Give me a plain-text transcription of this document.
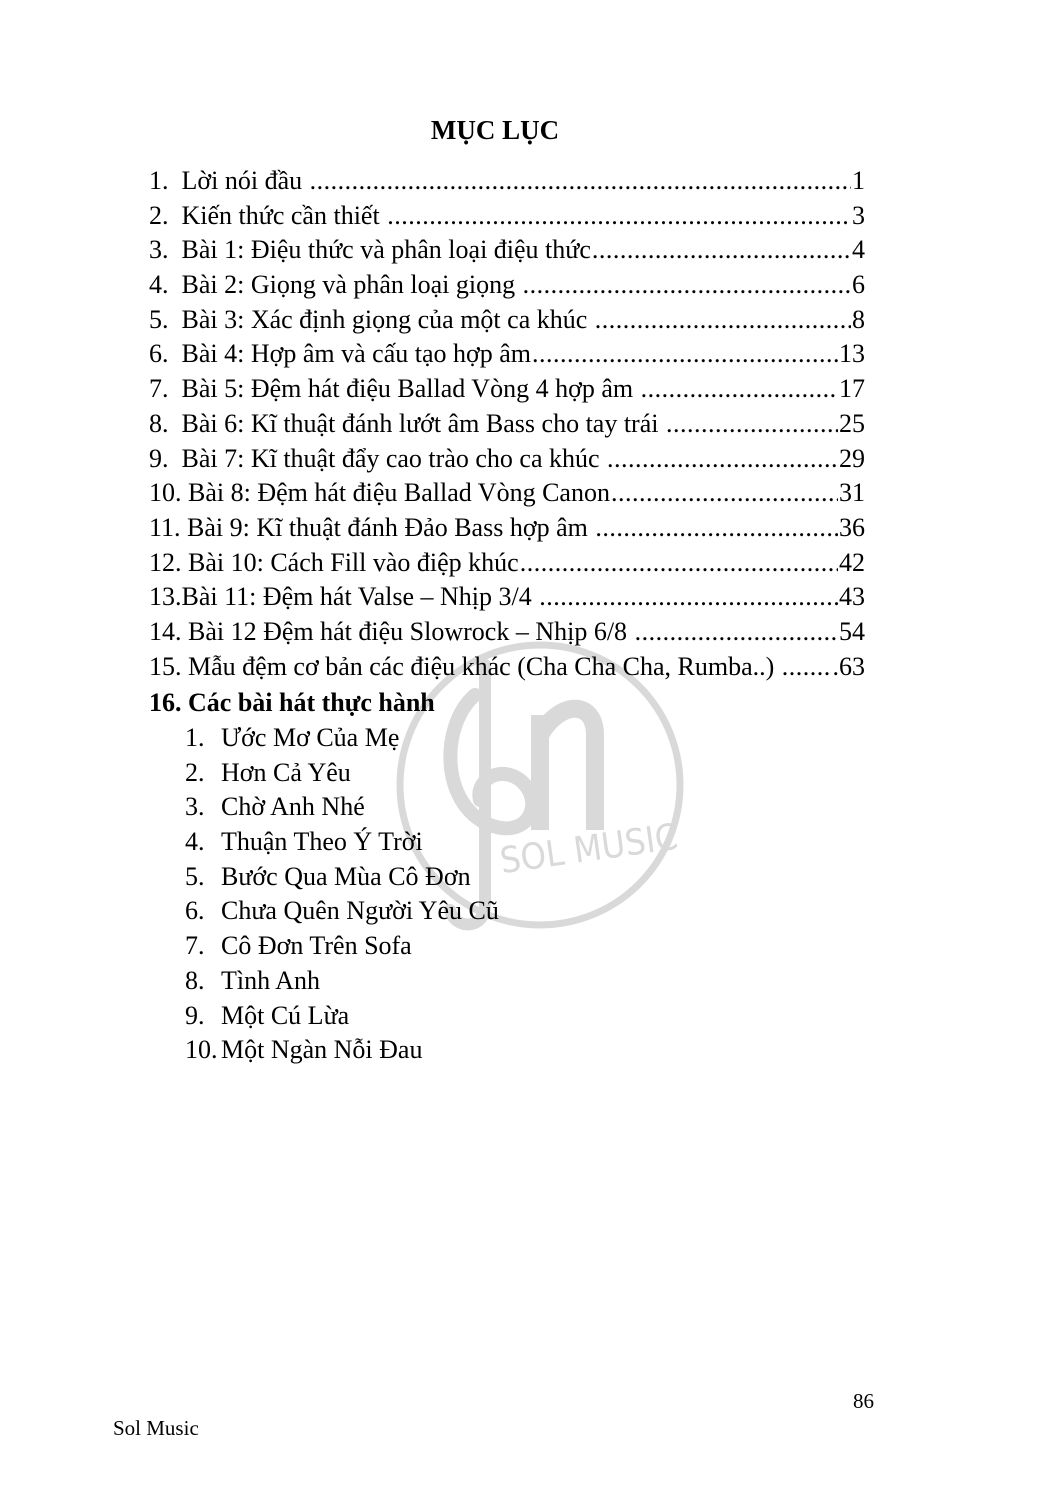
SOL MUSIC
MỤC LỤC
1. Lời nói đầu .....	1
2. Kiến thức cần thiết .....	3
3. Bài 1: Điệu thức và phân loại điệu thức .....	4
4. Bài 2: Giọng và phân loại giọng .....	6
5. Bài 3: Xác định giọng của một ca khúc .....	8
6. Bài 4: Hợp âm và cấu tạo hợp âm .....	13
7. Bài 5: Đệm hát điệu Ballad Vòng 4 hợp âm .....	17
8. Bài 6: Kĩ thuật đánh lướt âm Bass cho tay trái .....	25
9. Bài 7: Kĩ thuật đẩy cao trào cho ca khúc .....	29
10. Bài 8: Đệm hát điệu Ballad Vòng Canon .....	31
11. Bài 9: Kĩ thuật đánh Đảo Bass hợp âm .....	36
12. Bài 10: Cách Fill vào điệp khúc .....	42
13. Bài 11: Đệm hát Valse – Nhịp 3/4 .....	43
14. Bài 12 Đệm hát điệu Slowrock – Nhịp 6/8 .....	54
15. Mẫu đệm cơ bản các điệu khác (Cha Cha Cha, Rumba..) ..... .63
16. Các bài hát thực hành
1. Ước Mơ Của Mẹ
2. Hơn Cả Yêu
3. Chờ Anh Nhé
4. Thuận Theo Ý Trời
5. Bước Qua Mùa Cô Đơn
6. Chưa Quên Người Yêu Cũ
7. Cô Đơn Trên Sofa
8. Tình Anh
9. Một Cú Lừa
10. Một Ngàn Nỗi Đau
86
Sol Music
